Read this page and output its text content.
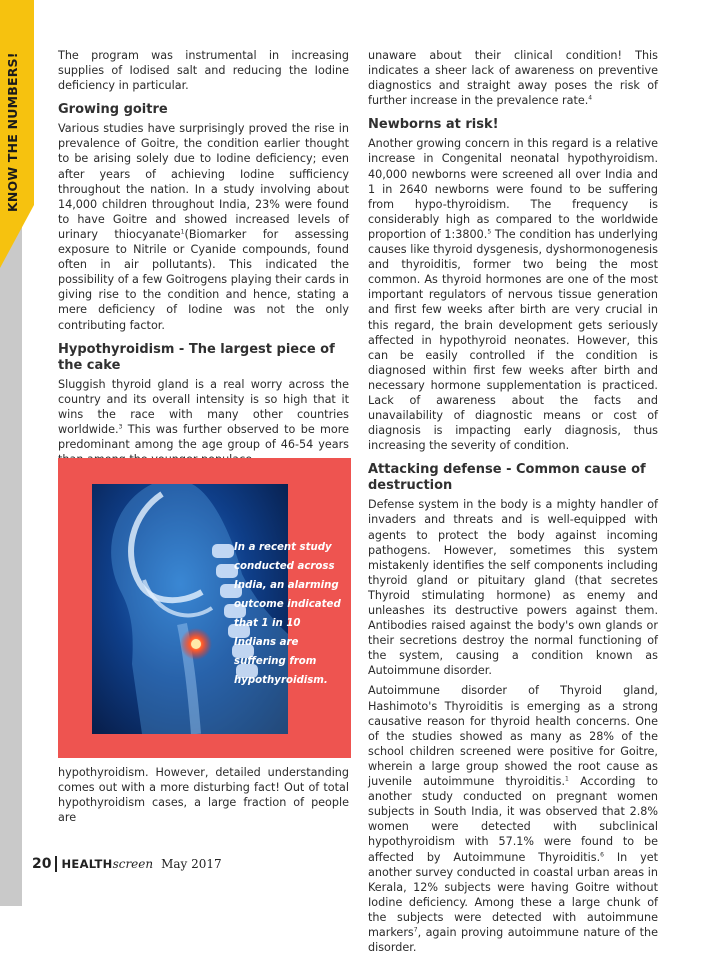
KNOW THE NUMBERS!	The program was instrumental in increasing supplies of Iodised salt and reducing the Iodine deficiency in particular.

Growing goitre

Various studies have surprisingly proved the rise in prevalence of Goitre, the condition earlier thought to be arising solely due to Iodine deficiency; even after years of achieving Iodine sufficiency throughout the nation. In a study involving about 14,000 children throughout India, 23% were found to have Goitre and showed increased levels of urinary thiocyanate$^1$(Biomarker for assessing exposure to Nitrile or Cyanide compounds, found often in air pollutants). This indicated the possibility of a few Goitrogens playing their cards in giving rise to the condition and hence, stating a mere deficiency of Iodine was not the only contributing factor.

Hypothyroidism - The largest piece of the cake

Sluggish thyroid gland is a real worry across the country and its overall intensity is so high that it wins the race with many other countries worldwide.$^3$ This was further observed to be more predominant among the age group of 46-54 years

In a recent study conducted across India, an alarming outcome indicated that 1 in 10 Indians are suffering from hypothyroidism.

hypothyroidism. However, detailed understanding comes out with a more disturbing fact! Out of total hypothyroidism cases, a large fraction of people are

unaware about their clinical condition! This indicates a sheer lack of awareness on preventive diagnostics and straight away poses the risk of further increase in the prevalence rate.$^4$

Newborns at risk!

Another growing concern in this regard is a relative increase in Congenital neonatal hypothyroidism. 40,000 newborns were screened all over India and 1 in 2640 newborns were found to be suffering from hypo-thyroidism. The frequency is considerably high as compared to the worldwide proportion of 1:3800.$^5$ The condition has underlying causes like thyroid dysgenesis, dyshormonogenesis and thyroiditis, former two being the most common. As thyroid hormones are one of the most important regulators of nervous tissue generation and first few weeks after birth are very crucial in this regard, the brain development gets seriously affected in hypothyroid neonates. However, this can be easily controlled if the condition is diagnosed within first few weeks after birth and necessary hormone supplementation is practiced. Lack of awareness about the facts and unavailability of diagnostic means or cost of diagnosis is impacting early diagnosis, thus increasing the severity of condition.

Attacking defense - Common cause of destruction

Defense system in the body is a mighty handler of invaders and threats and is well-equipped with agents to protect the body against incoming pathogens. However, sometimes this system mistakenly identifies the self components including thyroid gland or pituitary gland (that secretes Thyroid stimulating hormone) as enemy and unleashes its destructive powers against them. Antibodies raised against the body's own glands or their secretions destroy the normal functioning of the system, causing a condition known as Autoimmune disorder.

Autoimmune disorder of Thyroid gland, Hashimoto's Thyroiditis is emerging as a strong causative reason for thyroid health concerns. One of the studies showed as many as 28% of the school children screened were positive for Goitre, wherein a large group showed the root cause as juvenile autoimmune thyroiditis.$^1$ According to another study conducted on pregnant women subjects in South India, it was observed that 2.8% women were detected with subclinical hypothyroidism with 57.1% were found to be affected by Autoimmune Thyroiditis.$^6$ In yet another survey conducted in coastal urban areas in Kerala, 12% subjects were having Goitre without Iodine deficiency. Among these a large chunk of the subjects were detected with autoimmune markers$^7$, again proving autoimmune nature of the disorder.

20 HEALTH screen May 2017
